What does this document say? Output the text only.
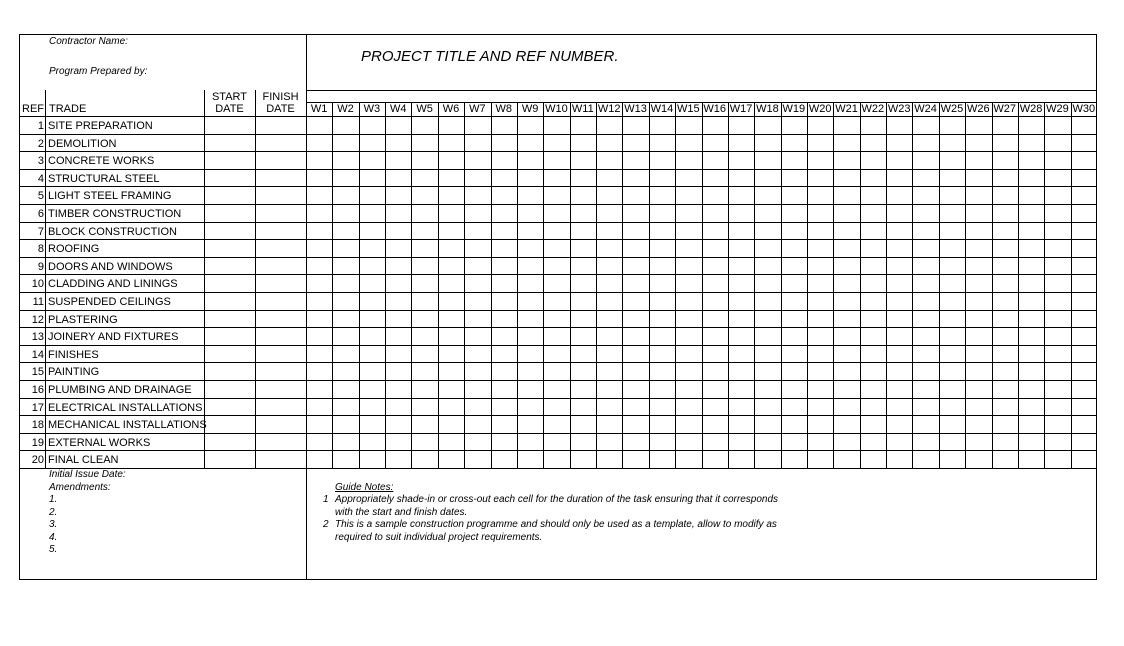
Contractor Name:
Program Prepared by:
PROJECT TITLE AND REF NUMBER.
REF TRADE
START
DATE
FINISH
DATE	W1 W2 W3 W4 W5 W6 W7 W8 W9 W10 W11 W12 W13 W14 W15 W16 W17 W18 W19 W20 W21 W22 W23 W24 W25 W26 W27 W28 W29 W30
1 SITE PREPARATION
2 DEMOLITION
3 CONCRETE WORKS
4 STRUCTURAL STEEL
5 LIGHT STEEL FRAMING
6 TIMBER CONSTRUCTION
7 BLOCK CONSTRUCTION
8 ROOFING
9 DOORS AND WINDOWS
10 CLADDING AND LININGS
11 SUSPENDED CEILINGS
12 PLASTERING
13 JOINERY AND FIXTURES
14 FINISHES
15 PAINTING
16 PLUMBING AND DRAINAGE
17 ELECTRICAL INSTALLATIONS
18 MECHANICAL INSTALLATIONS
19 EXTERNAL WORKS
20 FINAL CLEAN
Initial Issue Date:
Amendments:
1.
2.
3.
4.
5.
Guide Notes:
1 Appropriately shade-in or cross-out each cell for the duration of the task ensuring that it corresponds
with the start and finish dates.
2 This is a sample construction programme and should only be used as a template, allow to modify as
required to suit individual project requirements.
